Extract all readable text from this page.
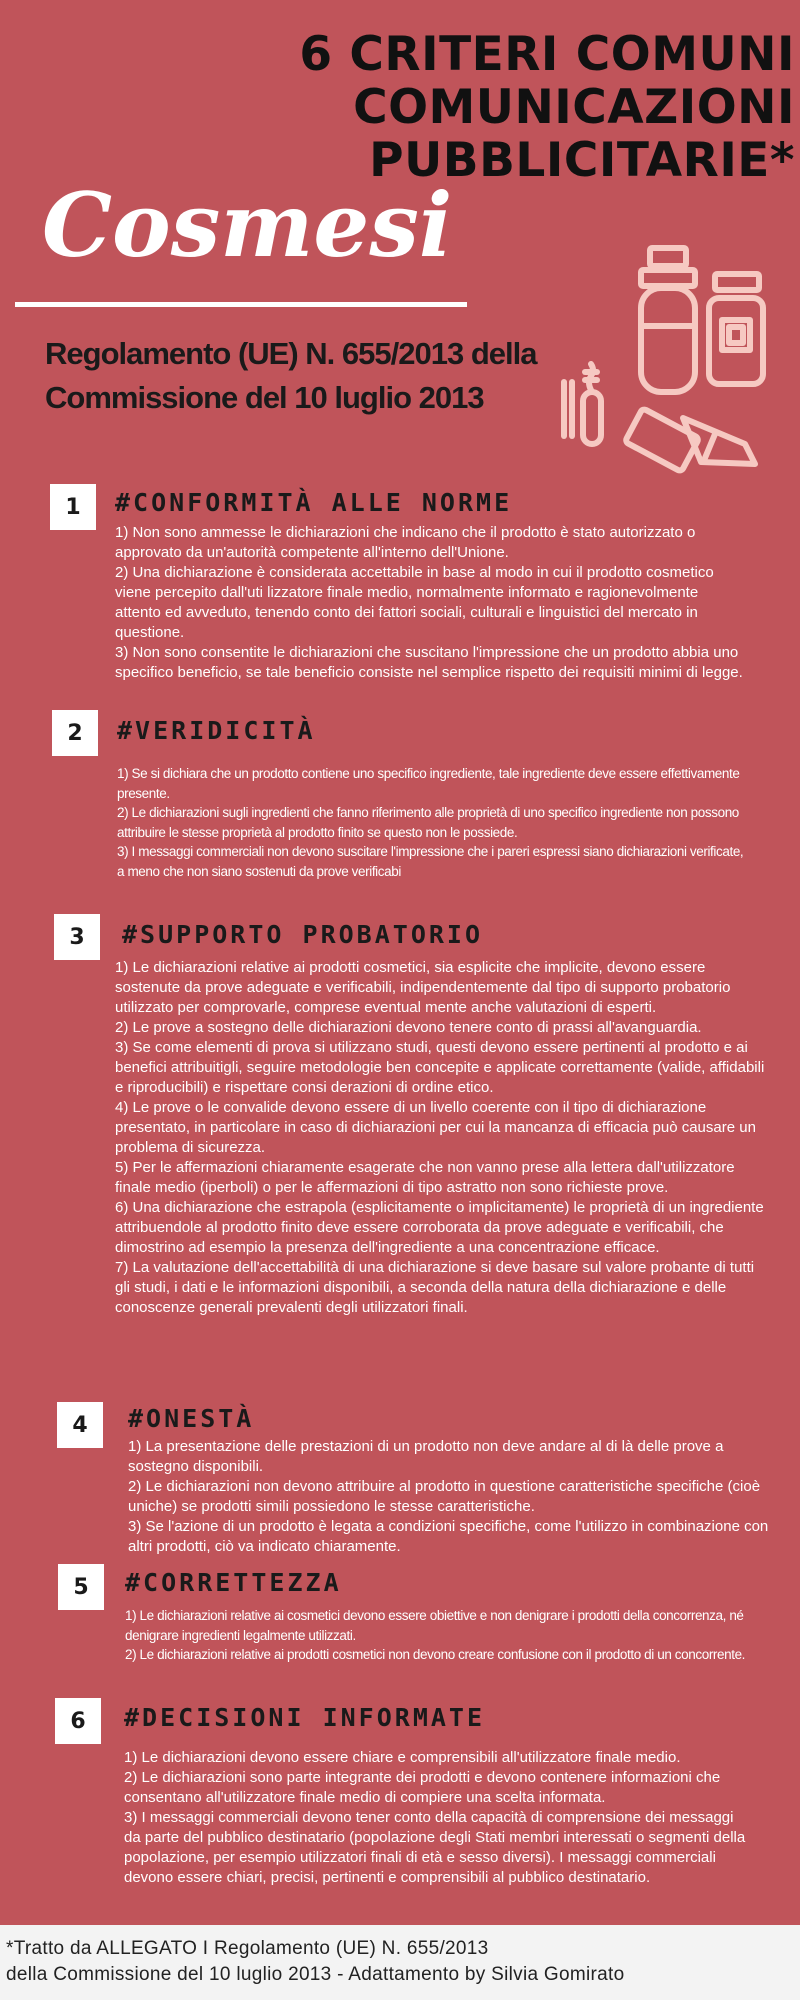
6 CRITERI COMUNI
COMUNICAZIONI
PUBBLICITARIE*
Cosmesi
Regolamento (UE) N. 655/2013 della
Commissione del 10 luglio 2013
1	#CONFORMITÀ ALLE NORME
1) Non sono ammesse le dichiarazioni che indicano che il prodotto è stato autorizzato o approvato da un'autorità competente all'interno dell'Unione.
2) Una dichiarazione è considerata accettabile in base al modo in cui il prodotto cosmetico viene percepito dall'uti lizzatore finale medio, normalmente informato e ragionevolmente attento ed avveduto, tenendo conto dei fattori sociali, culturali e linguistici del mercato in questione.
3) Non sono consentite le dichiarazioni che suscitano l'impressione che un prodotto abbia uno specifico beneficio, se tale beneficio consiste nel semplice rispetto dei requisiti minimi di legge.
2	#VERIDICITÀ
1) Se si dichiara che un prodotto contiene uno specifico ingrediente, tale ingrediente deve essere effettivamente presente.
2) Le dichiarazioni sugli ingredienti che fanno riferimento alle proprietà di uno specifico ingrediente non possono attribuire le stesse proprietà al prodotto finito se questo non le possiede.
3) I messaggi commerciali non devono suscitare l'impressione che i pareri espressi siano dichiarazioni verificate, a meno che non siano sostenuti da prove verificabi
3	#SUPPORTO PROBATORIO
1) Le dichiarazioni relative ai prodotti cosmetici, sia esplicite che implicite, devono essere sostenute da prove adeguate e verificabili, indipendentemente dal tipo di supporto probatorio utilizzato per comprovarle, comprese eventual mente anche valutazioni di esperti.
2) Le prove a sostegno delle dichiarazioni devono tenere conto di prassi all'avanguardia.
3) Se come elementi di prova si utilizzano studi, questi devono essere pertinenti al prodotto e ai benefici attribuitigli, seguire metodologie ben concepite e applicate correttamente (valide, affidabili e riproducibili) e rispettare consi derazioni di ordine etico.
4) Le prove o le convalide devono essere di un livello coerente con il tipo di dichiarazione presentato, in particolare in caso di dichiarazioni per cui la mancanza di efficacia può causare un problema di sicurezza.
5) Per le affermazioni chiaramente esagerate che non vanno prese alla lettera dall'utilizzatore finale medio (iperboli) o per le affermazioni di tipo astratto non sono richieste prove.
6) Una dichiarazione che estrapola (esplicitamente o implicitamente) le proprietà di un ingrediente attribuendole al prodotto finito deve essere corroborata da prove adeguate e verificabili, che dimostrino ad esempio la presenza dell'ingrediente a una concentrazione efficace.
7) La valutazione dell'accettabilità di una dichiarazione si deve basare sul valore probante di tutti gli studi, i dati e le informazioni disponibili, a seconda della natura della dichiarazione e delle conoscenze generali prevalenti degli utilizzatori finali.
4	#ONESTÀ
1) La presentazione delle prestazioni di un prodotto non deve andare al di là delle prove a sostegno disponibili.
2) Le dichiarazioni non devono attribuire al prodotto in questione caratteristiche specifiche (cioè uniche) se prodotti simili possiedono le stesse caratteristiche.
3) Se l'azione di un prodotto è legata a condizioni specifiche, come l'utilizzo in combinazione con altri prodotti, ciò va indicato chiaramente.
5	#CORRETTEZZA
1) Le dichiarazioni relative ai cosmetici devono essere obiettive e non denigrare i prodotti della concorrenza, né denigrare ingredienti legalmente utilizzati.
2) Le dichiarazioni relative ai prodotti cosmetici non devono creare confusione con il prodotto di un concorrente.
6	#DECISIONI INFORMATE
1) Le dichiarazioni devono essere chiare e comprensibili all'utilizzatore finale medio.
2) Le dichiarazioni sono parte integrante dei prodotti e devono contenere informazioni che consentano all'utilizzatore finale medio di compiere una scelta informata.
3) I messaggi commerciali devono tener conto della capacità di comprensione dei messaggi da parte del pubblico destinatario (popolazione degli Stati membri interessati o segmenti della popolazione, per esempio utilizzatori finali di età e sesso diversi). I messaggi commerciali devono essere chiari, precisi, pertinenti e comprensibili al pubblico destinatario.
*Tratto da ALLEGATO I Regolamento (UE) N. 655/2013
della Commissione del 10 luglio 2013 - Adattamento by Silvia Gomirato
